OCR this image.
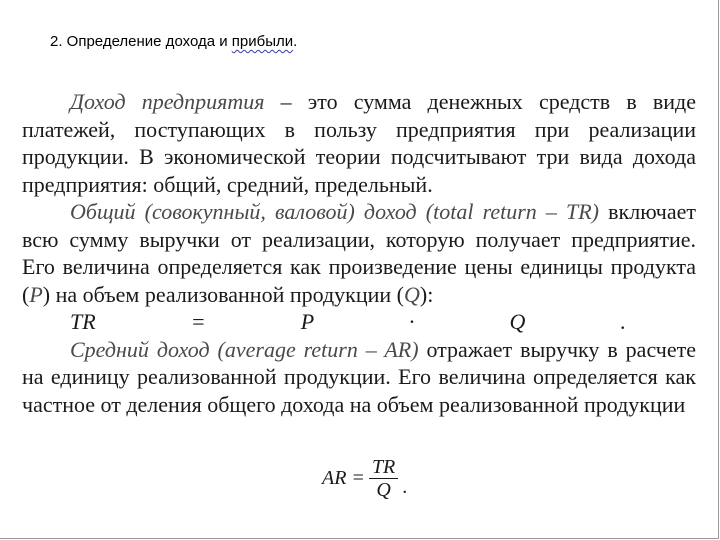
2. Определение дохода и прибыли.

Доход предприятия – это сумма денежных средств в виде платежей, поступающих в пользу предприятия при реализации продукции. В экономической теории подсчитывают три вида дохода предприятия: общий, средний, предельный.

Общий (совокупный, валовой) доход (total return – TR) включает всю сумму выручки от реализации, которую получает предприятие. Его величина определяется как произведение цены единицы продукта (P) на объем реализованной продукции (Q):

TR = P · Q .

Средний доход (average return – AR) отражает выручку в расчете на единицу реализованной продукции. Его величина определяется как частное от деления общего дохода на объем реализованной продукции

AR = $\frac{TR}{Q}$ .
